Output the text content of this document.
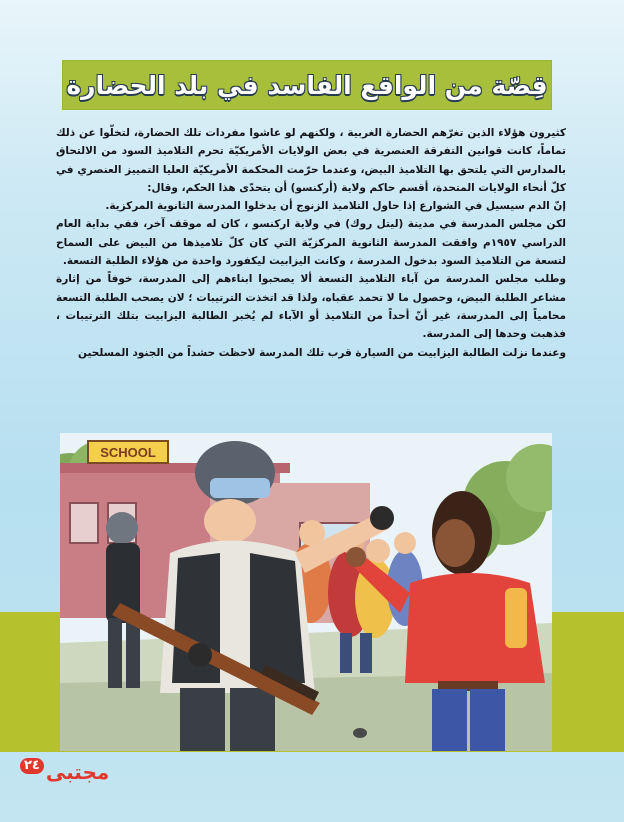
قِصّة من الواقع الفاسد في بلد الحضارة

كثيرون هؤلاء الذين تغرّهم الحضارة الغربية ، ولكنهم لو عاشوا مفردات تلك الحضارة، لتخلّوا عن ذلك تماماً، كانت قوانين التفرقة العنصرية في بعض الولايات الأمريكيّة تحرم التلاميذ السود من الالتحاق بالمدارس التي يلتحق بها التلاميذ البيض، وعندما حرّمت المحكمة الأمريكيّة العليا التمييز العنصري في كلّ أنحاء الولايات المتحدة، أقسم حاكم ولاية (أركنسو) أن يتحدّى هذا الحكم، وقال:

إنّ الدم سيسيل في الشوارع إذا حاول التلاميذ الزنوج أن يدخلوا المدرسة الثانوية المركزية.

لكن مجلس المدرسة في مدينة (ليتل روك) في ولاية اركنسو ، كان له موقف آخر، ففي بداية العام الدراسي ١٩٥٧م وافقت المدرسة الثانوية المركزيّة التي كان كلّ تلاميذها من البيض على السماح لتسعة من التلاميذ السود بدخول المدرسة ، وكانت اليزابيت ليكفورد واحدة من هؤلاء الطلبة التسعة.

وطلب مجلس المدرسة من آباء التلاميذ التسعة ألا يصحبوا ابناءهم إلى المدرسة، خوفاً من إثارة مشاعر الطلبة البيض، وحصول ما لا تحمد عقباه، ولذا قد اتخذت الترتيبات ؛ لان يصحب الطلبة التسعة محامياً إلى المدرسة، غير أنّ أحداً من التلاميذ أو الآباء لم يُخبر الطالبة اليزابيت بتلك الترتيبات ، فذهبت وحدها إلى المدرسة.

وعندما نزلت الطالبة اليزابيت من السيارة قرب تلك المدرسة لاحظت حشداً من الجنود المسلحين

SCHOOL
٢٤ مجتبى
